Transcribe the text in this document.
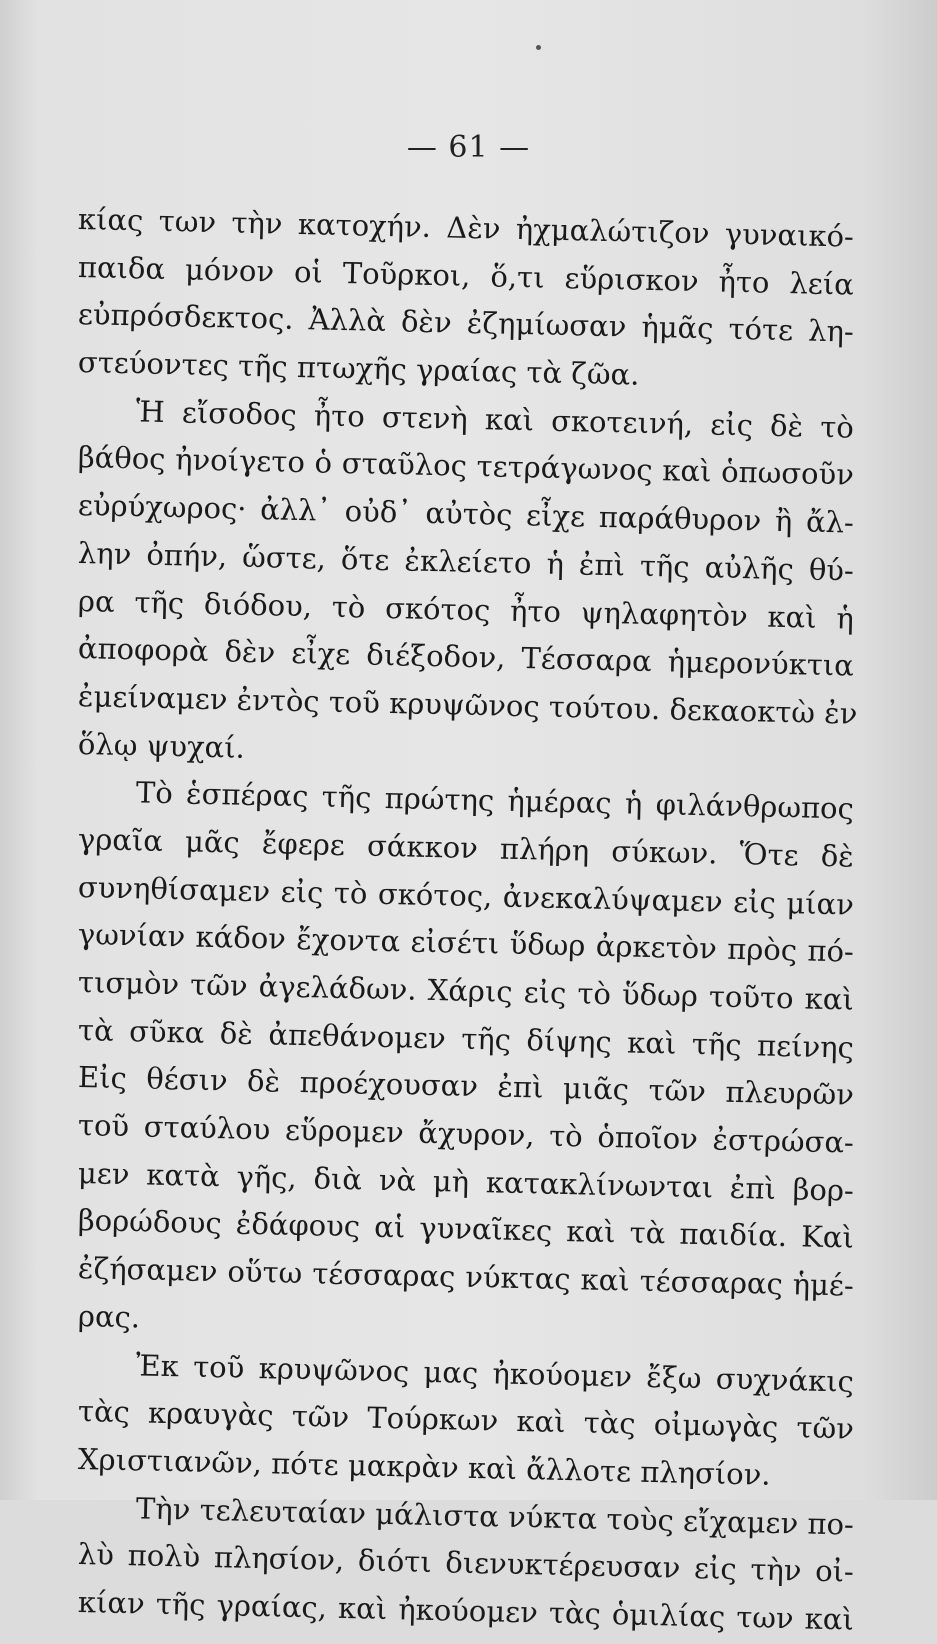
— 61 —
κίας των τὴν κατοχήν. Δὲν ἠχμαλώτιζον γυναικό-
παιδα μόνον οἱ Τοῦρκοι, ὅ,τι εὕρισκον ἦτο λεία
εὐπρόσδεκτος. Ἀλλὰ δὲν ἐζημίωσαν ἡμᾶς τότε λη-
στεύοντες τῆς πτωχῆς γραίας τὰ ζῶα.
Ἡ εἴσοδος ἦτο στενὴ καὶ σκοτεινή, εἰς δὲ τὸ
βάθος ἠνοίγετο ὁ σταῦλος τετράγωνος καὶ ὁπωσοῦν
εὐρύχωρος· ἀλλ᾽ οὐδ᾽ αὐτὸς εἶχε παράθυρον ἢ ἄλ-
λην ὀπήν, ὥστε, ὅτε ἐκλείετο ἡ ἐπὶ τῆς αὐλῆς θύ-
ρα τῆς διόδου, τὸ σκότος ἦτο ψηλαφητὸν καὶ ἡ
ἀποφορὰ δὲν εἶχε διέξοδον, Τέσσαρα ἡμερονύκτια
ἐμείναμεν ἐντὸς τοῦ κρυψῶνος τούτου. δεκαοκτὼ ἐν
ὅλῳ ψυχαί.
Τὸ ἑσπέρας τῆς πρώτης ἡμέρας ἡ φιλάνθρωπος
γραῖα μᾶς ἔφερε σάκκον πλήρη σύκων. Ὅτε δὲ
συνηθίσαμεν εἰς τὸ σκότος, ἀνεκαλύψαμεν εἰς μίαν
γωνίαν κάδον ἔχοντα εἰσέτι ὕδωρ ἀρκετὸν πρὸς πό-
τισμὸν τῶν ἀγελάδων. Χάρις εἰς τὸ ὕδωρ τοῦτο καὶ
τὰ σῦκα δὲ ἀπεθάνομεν τῆς δίψης καὶ τῆς πείνης
Εἰς θέσιν δὲ προέχουσαν ἐπὶ μιᾶς τῶν πλευρῶν
τοῦ σταύλου εὕρομεν ἄχυρον, τὸ ὁποῖον ἐστρώσα-
μεν κατὰ γῆς, διὰ νὰ μὴ κατακλίνωνται ἐπὶ βορ-
βορώδους ἐδάφους αἱ γυναῖκες καὶ τὰ παιδία. Καὶ
ἐζήσαμεν οὕτω τέσσαρας νύκτας καὶ τέσσαρας ἡμέ-
ρας.
Ἐκ τοῦ κρυψῶνος μας ἠκούομεν ἔξω συχνάκις
τὰς κραυγὰς τῶν Τούρκων καὶ τὰς οἰμωγὰς τῶν
Χριστιανῶν, πότε μακρὰν καὶ ἄλλοτε πλησίον.
Τὴν τελευταίαν μάλιστα νύκτα τοὺς εἴχαμεν πο-
λὺ πολὺ πλησίον, διότι διενυκτέρευσαν εἰς τὴν οἰ-
κίαν τῆς γραίας, καὶ ἠκούομεν τὰς ὁμιλίας των καὶ
